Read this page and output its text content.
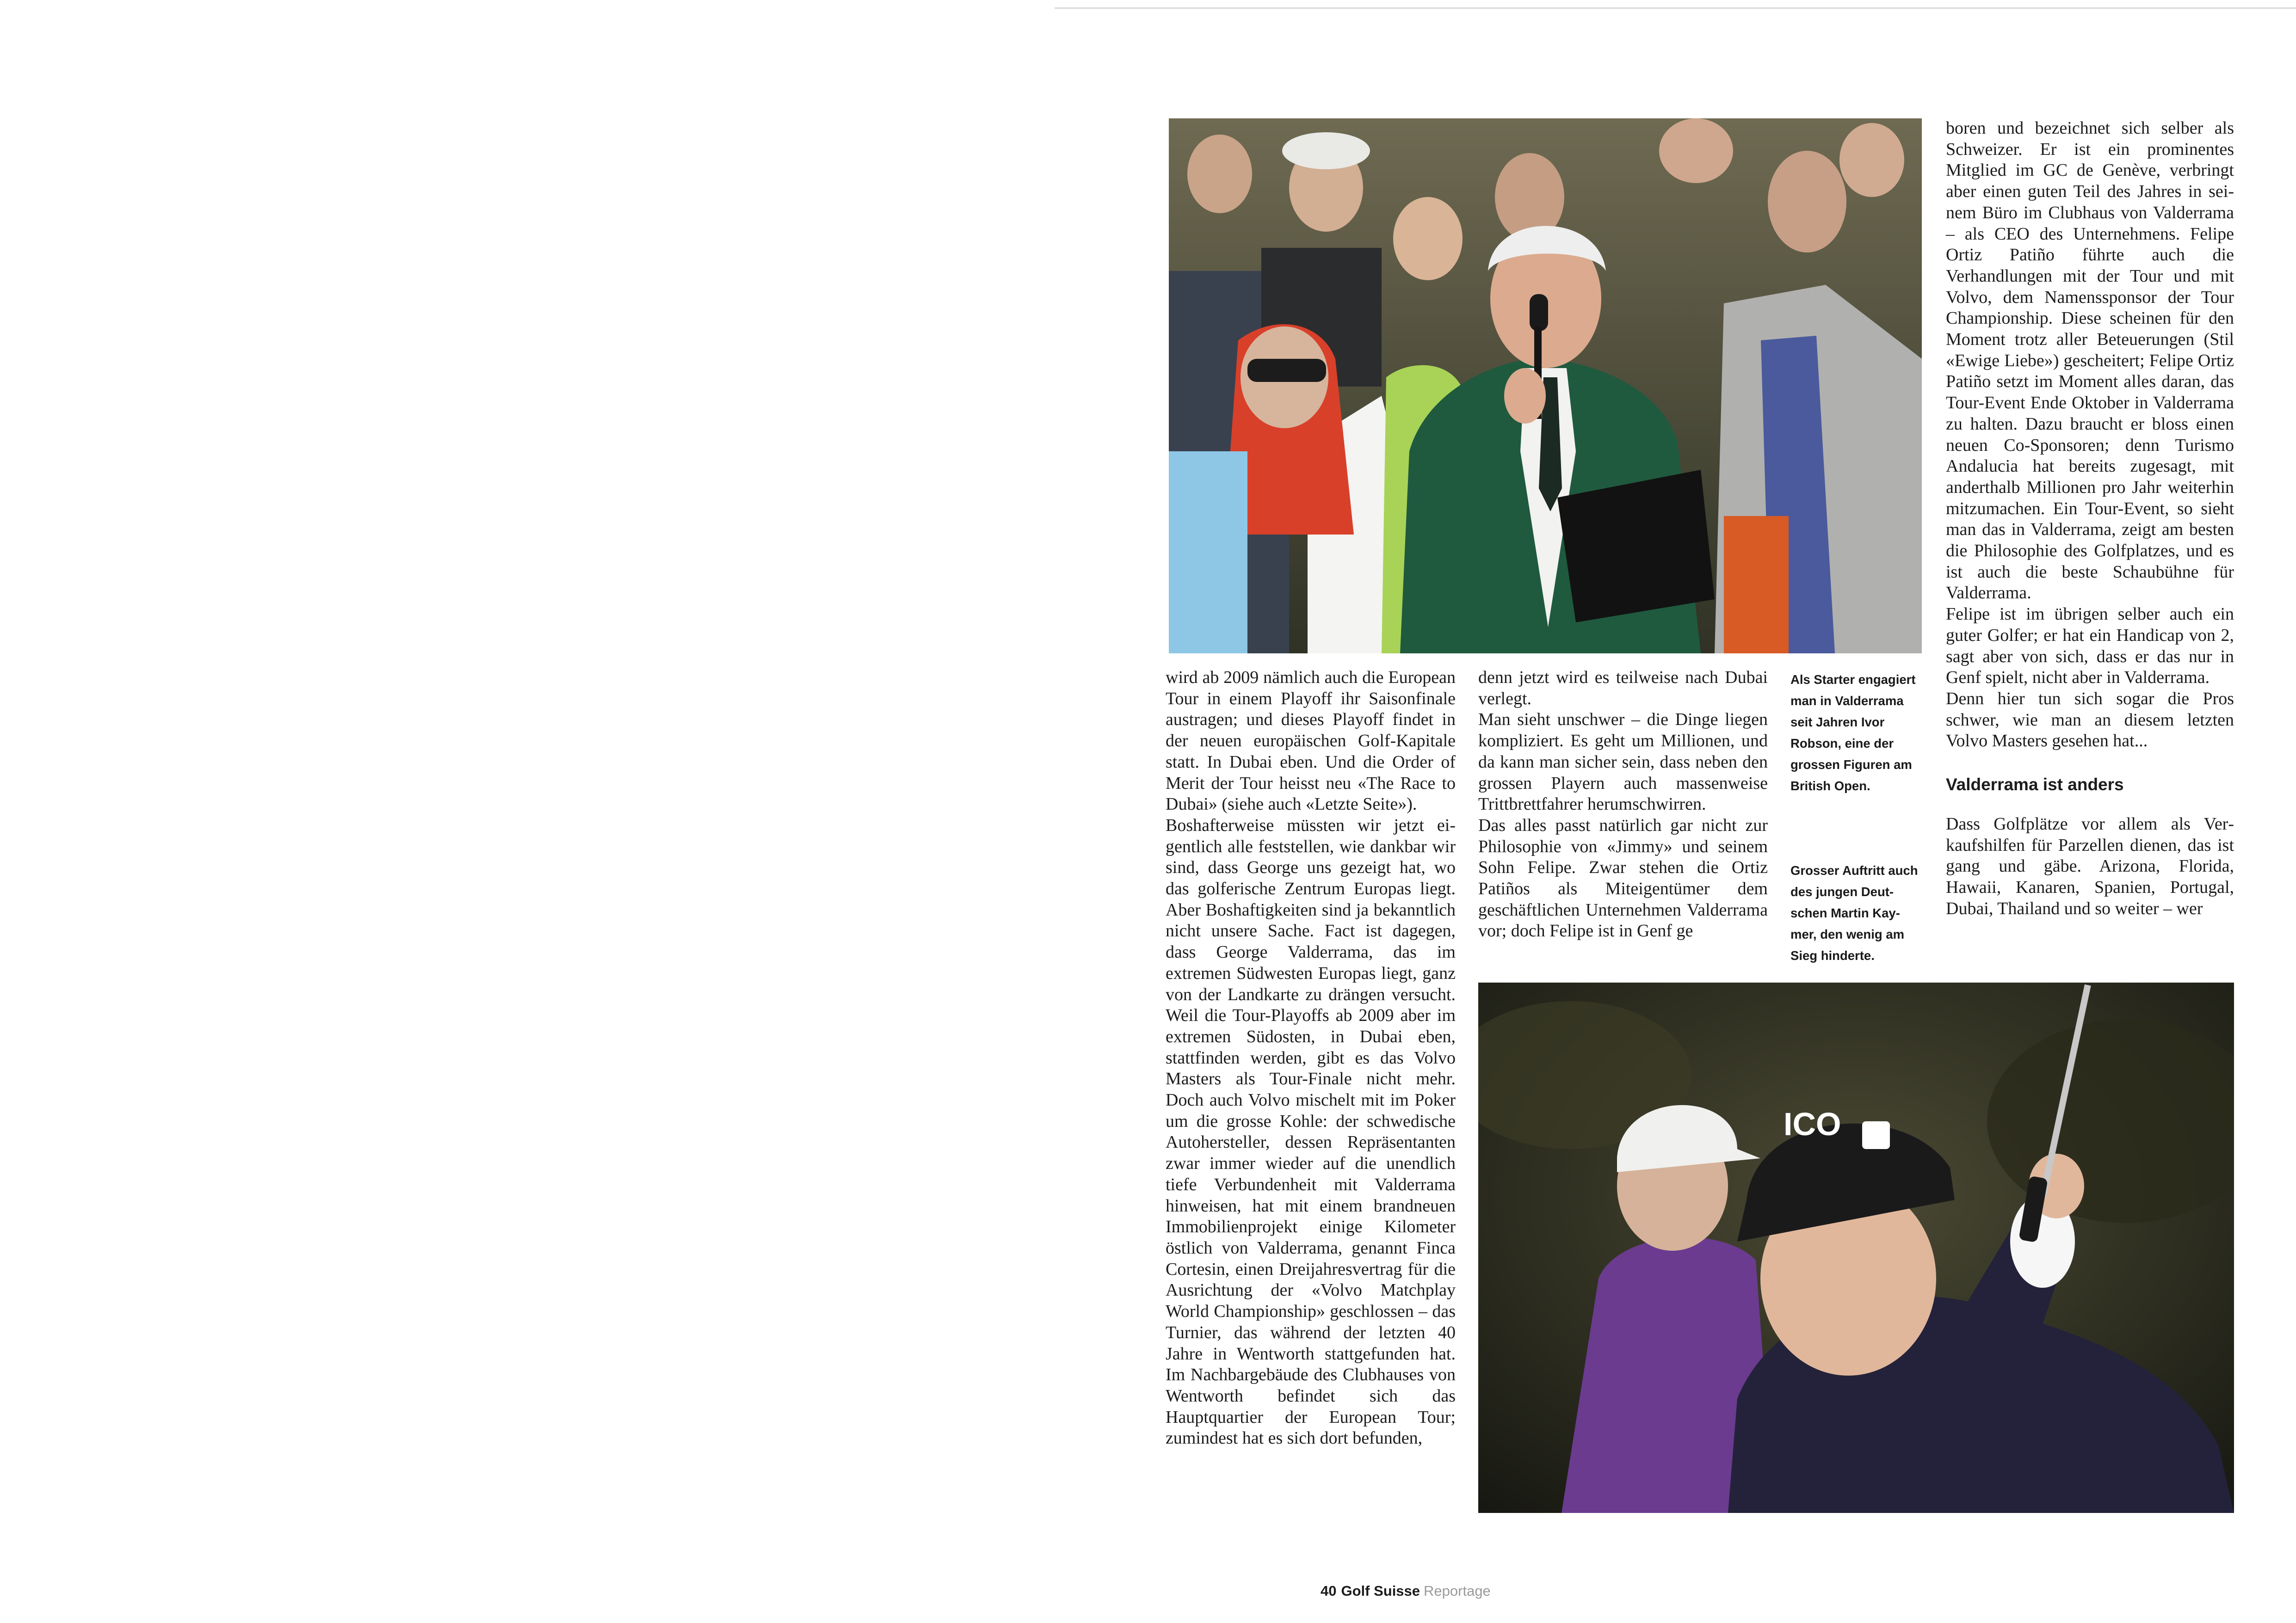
ICO

wird ab 2009 nämlich auch die European Tour in einem Playoff ihr Saisonfinale austragen; und dieses Playoff findet in der neuen europäischen Golf-Kapitale statt. In Dubai eben. Und die Order of Merit der Tour heisst neu «The Race to Dubai» (siehe auch «Letzte Seite»).

Boshafterweise müssten wir jetzt eigentlich alle feststellen, wie dankbar wir sind, dass George uns gezeigt hat, wo das golferische Zentrum Europas liegt. Aber Boshaftigkeiten sind ja bekanntlich nicht unsere Sache. Fact ist dagegen, dass George Valderrama, das im extremen Südwesten Europas liegt, ganz von der Landkarte zu drängen versucht. Weil die Tour-Playoffs ab 2009 aber im extremen Südosten, in Dubai eben, stattfinden werden, gibt es das Volvo Masters als Tour-Finale nicht mehr. Doch auch Volvo mischelt mit im Poker um die grosse Kohle: der schwedische Autohersteller, dessen Repräsentanten zwar immer wieder auf die unendlich tiefe Verbundenheit mit Valderrama hinweisen, hat mit einem brandneuen Immobilienprojekt einige Kilometer östlich von Valderrama, genannt Finca Cortesin, einen Dreijahresvertrag für die Ausrichtung der «Volvo Matchplay World Championship» geschlossen – das Turnier, das während der letzten 40 Jahre in Wentworth stattgefunden hat. Im Nachbargebäude des Clubhauses von Wentworth befindet sich das Hauptquartier der European Tour; zumindest hat es sich dort befunden,

denn jetzt wird es teilweise nach Dubai verlegt.

Man sieht unschwer – die Dinge liegen kompliziert. Es geht um Millionen, und da kann man sicher sein, dass neben den grossen Playern auch massenweise Trittbrettfahrer herumschwirren.

Das alles passt natürlich gar nicht zur Philosophie von «Jimmy» und seinem Sohn Felipe. Zwar stehen die Ortiz Patiños als Miteigentümer dem geschäftlichen Unternehmen Valderrama vor; doch Felipe ist in Genf ge

Als Starter engagiert
man in Valderrama
seit Jahren Ivor
Robson, eine der
grossen Figuren am
British Open.
Grosser Auftritt auch
des jungen Deut-
schen Martin Kay-
mer, den wenig am
Sieg hinderte.

boren und bezeichnet sich selber als Schweizer. Er ist ein prominentes Mitglied im GC de Genève, verbringt aber einen guten Teil des Jahres in seinem Büro im Clubhaus von Valderrama – als CEO des Unternehmens. Felipe Ortiz Patiño führte auch die Verhandlungen mit der Tour und mit Volvo, dem Namenssponsor der Tour Championship. Diese scheinen für den Moment trotz aller Beteuerungen (Stil «Ewige Liebe») gescheitert; Felipe Ortiz Patiño setzt im Moment alles daran, das Tour-Event Ende Oktober in Valderrama zu halten. Dazu braucht er bloss einen neuen Co-Sponsoren; denn Turismo Andalucia hat bereits zugesagt, mit anderthalb Millionen pro Jahr weiterhin mitzumachen. Ein Tour-Event, so sieht man das in Valderrama, zeigt am besten die Philosophie des Golfplatzes, und es ist auch die beste Schaubühne für Valderrama.

Felipe ist im übrigen selber auch ein guter Golfer; er hat ein Handicap von 2, sagt aber von sich, dass er das nur in Genf spielt, nicht aber in Valderrama.

Denn hier tun sich sogar die Pros schwer, wie man an diesem letzten Volvo Masters gesehen hat...

Valderrama ist anders

Dass Golfplätze vor allem als Verkaufshilfen für Parzellen dienen, das ist gang und gäbe. Arizona, Florida, Hawaii, Kanaren, Spanien, Portugal, Dubai, Thailand und so weiter – wer

40 Golf Suisse Reportage
